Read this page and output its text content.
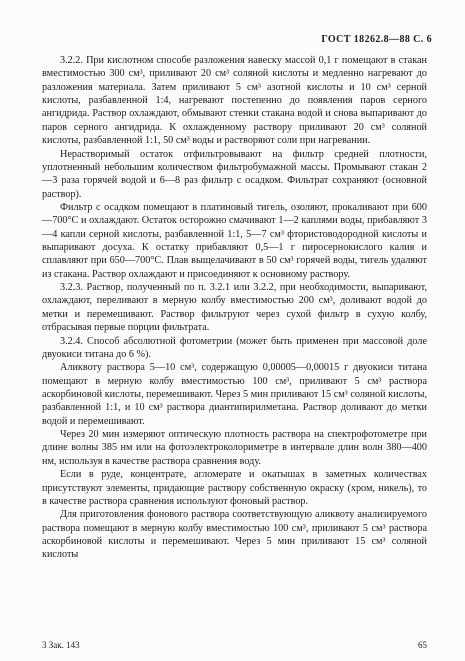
ГОСТ 18262.8—88 С. 6

3.2.2. При кислотном способе разложения навеску массой 0,1 г помещают в стакан вместимостью 300 см³, приливают 20 см³ соляной кислоты и медленно нагревают до разложения материала. Затем приливают 5 см³ азотной кислоты и 10 см³ серной кислоты, разбавленной 1:4, нагревают постепенно до появления паров серного ангидрида. Раствор охлаждают, обмывают стенки стакана водой и снова выпаривают до паров серного ангидрида. К охлажденному раствору приливают 20 см³ соляной кислоты, разбавленной 1:1, 50 см³ воды и растворяют соли при нагревании.

Нерастворимый остаток отфильтровывают на фильтр средней плотности, уплотненный небольшим количеством фильтробумажной массы. Промывают стакан 2—3 раза горячей водой и 6—8 раз фильтр с осадком. Фильтрат сохраняют (основной раствор).

Фильтр с осадком помещают в платиновый тигель, озоляют, прокаливают при 600—700°С и охлаждают. Остаток осторожно смачивают 1—2 каплями воды, прибавляют 3—4 капли серной кислоты, разбавленной 1:1, 5—7 см³ фтористоводородной кислоты и выпаривают досуха. К остатку прибавляют 0,5—1 г пиросернокислого калия и сплавляют при 650—700°С. Плав выщелачивают в 50 см³ горячей воды, тигель удаляют из стакана. Раствор охлаждают и присоединяют к основному раствору.

3.2.3. Раствор, полученный по п. 3.2.1 или 3.2.2, при необходимости, выпаривают, охлаждают, переливают в мерную колбу вместимостью 200 см³, доливают водой до метки и перемешивают. Раствор фильтруют через сухой фильтр в сухую колбу, отбрасывая первые порции фильтрата.

3.2.4. Способ абсолютной фотометрии (может быть применен при массовой доле двуокиси титана до 6 %).

Аликвоту раствора 5—10 см³, содержащую 0,00005—0,00015 г двуокиси титана помещают в мерную колбу вместимостью 100 см³, приливают 5 см³ раствора аскорбиновой кислоты, перемешивают. Через 5 мин приливают 15 см³ соляной кислоты, разбавленной 1:1, и 10 см³ раствора диантипирилметана. Раствор доливают до метки водой и перемешивают.

Через 20 мин измеряют оптическую плотность раствора на спектрофотометре при длине волны 385 нм или на фотоэлектроколориметре в интервале длин волн 380—400 нм, используя в качестве раствора сравнения воду.

Если в руде, концентрате, агломерате и окатышах в заметных количествах присутствуют элементы, придающие раствору собственную окраску (хром, никель), то в качестве раствора сравнения используют фоновый раствор.

Для приготовления фонового раствора соответствующую аликвоту анализируемого раствора помещают в мерную колбу вместимостью 100 см³, приливают 5 см³ раствора аскорбиновой кислоты и перемешивают. Через 5 мин приливают 15 см³ соляной кислоты

3 Зак. 143	65
